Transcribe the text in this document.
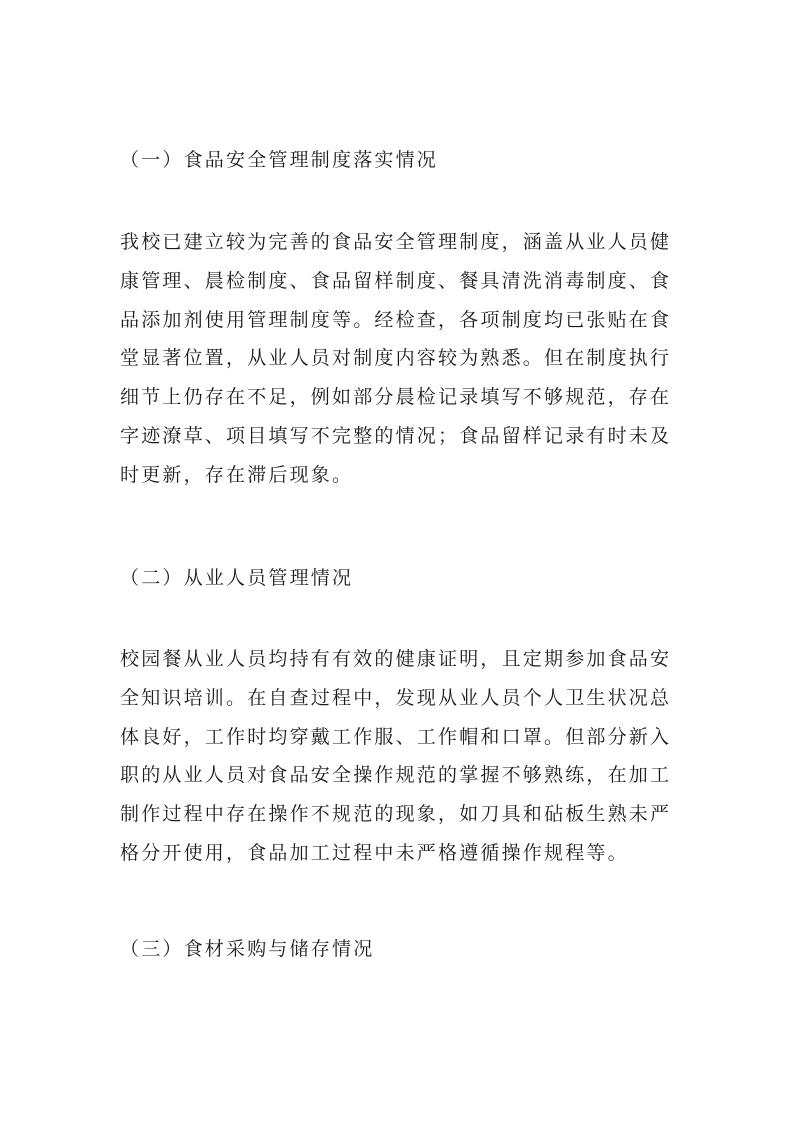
（一）食品安全管理制度落实情况
我校已建立较为完善的食品安全管理制度，涵盖从业人员健
康管理、晨检制度、食品留样制度、餐具清洗消毒制度、食
品添加剂使用管理制度等。经检查，各项制度均已张贴在食
堂显著位置，从业人员对制度内容较为熟悉。但在制度执行
细节上仍存在不足，例如部分晨检记录填写不够规范，存在
字迹潦草、项目填写不完整的情况；食品留样记录有时未及
时更新，存在滞后现象。
（二）从业人员管理情况
校园餐从业人员均持有有效的健康证明，且定期参加食品安
全知识培训。在自查过程中，发现从业人员个人卫生状况总
体良好，工作时均穿戴工作服、工作帽和口罩。但部分新入
职的从业人员对食品安全操作规范的掌握不够熟练，在加工
制作过程中存在操作不规范的现象，如刀具和砧板生熟未严
格分开使用，食品加工过程中未严格遵循操作规程等。
（三）食材采购与储存情况
